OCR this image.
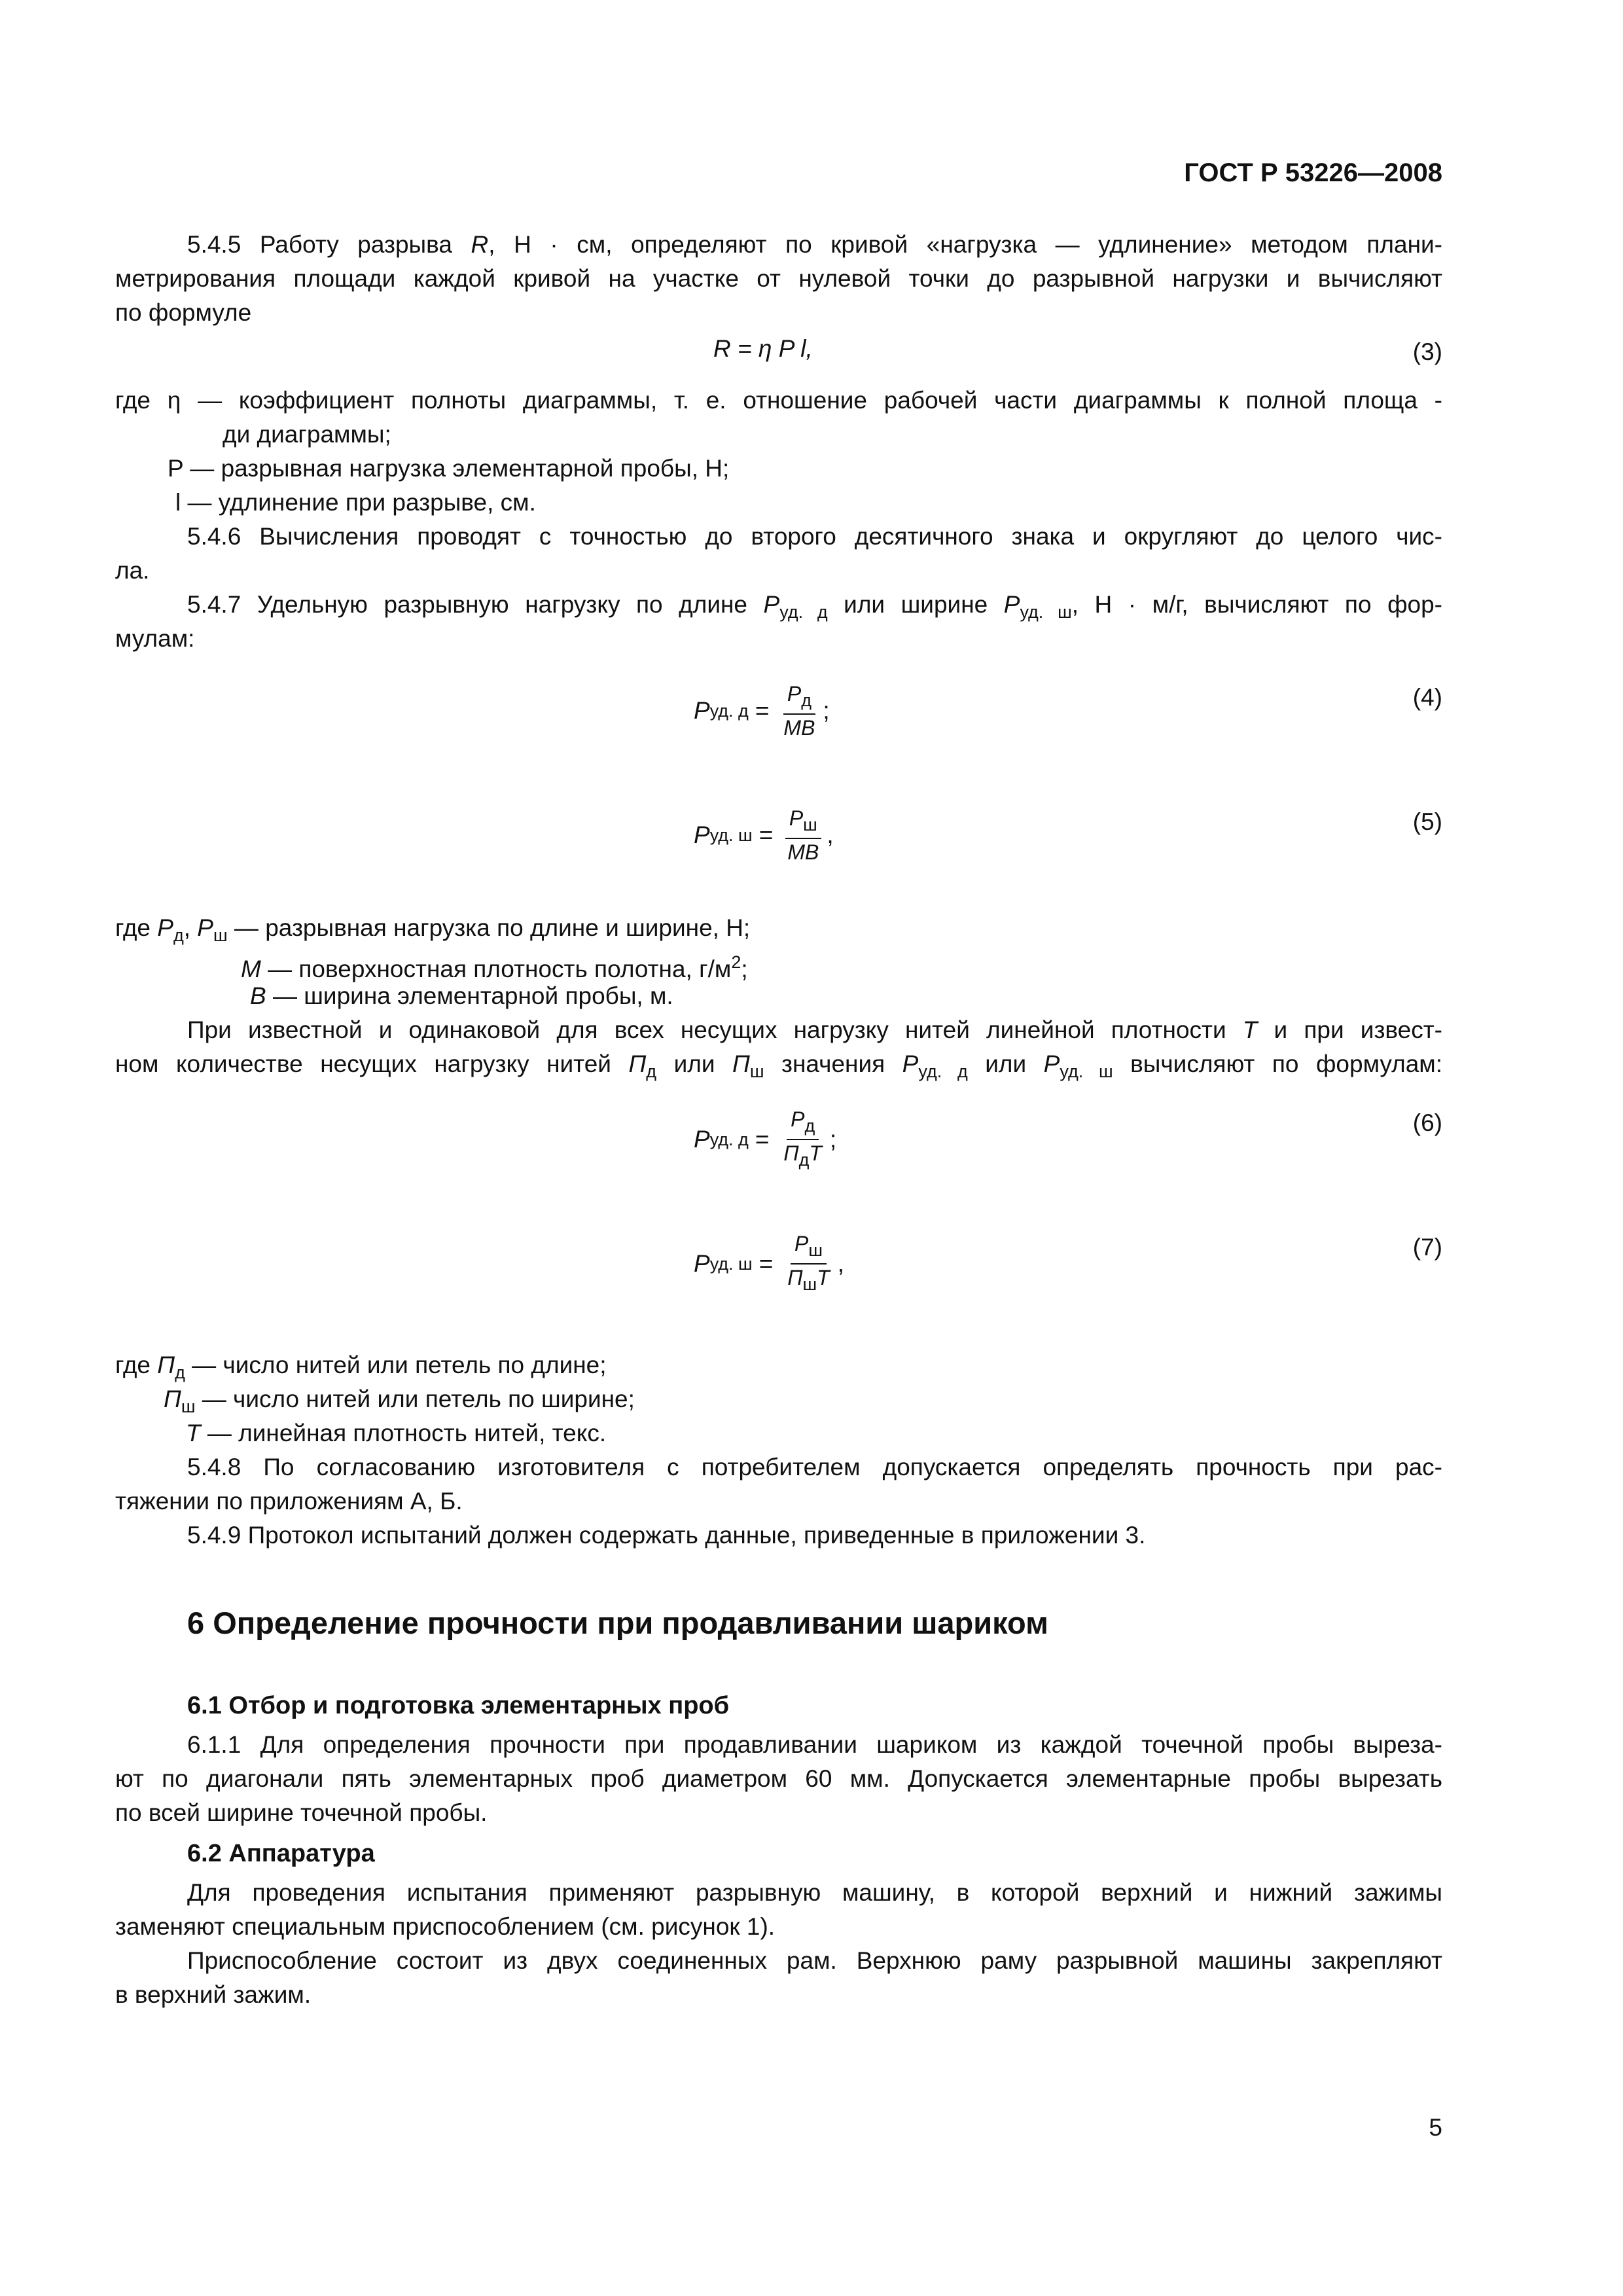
ГОСТ Р 53226—2008
5.4.5 Работу разрыва R, Н · см, определяют по кривой «нагрузка — удлинение» методом плани-
метрирования площади каждой кривой на участке от нулевой точки до разрывной нагрузки и вычисляют
по формуле
R = η P l,	(3)
где η — коэффициент полноты диаграммы, т. е. отношение рабочей части диаграммы к полной площа -
ди диаграммы;
P — разрывная нагрузка элементарной пробы, Н;
l — удлинение при разрыве, см.
5.4.6 Вычисления проводят с точностью до второго десятичного знака и округляют до целого чис-
ла.
5.4.7 Удельную разрывную нагрузку по длине $P_{уд. д}$ или ширине $P_{уд. ш}$, Н · м/г, вычисляют по фор-
мулам:
P уд. $д = \frac{P_д}{MB}$ ;	(4)
P уд. $ш = \frac{P_ш}{MB}$ ,	(5)
где $P_д$, $P_ш$ — разрывная нагрузка по длине и ширине, Н;
M — поверхностная плотность полотна, $г/м^2$;
B — ширина элементарной пробы, м.
При известной и одинаковой для всех несущих нагрузку нитей линейной плотности T и при извест-
ном количестве несущих нагрузку нитей $П_д$ или $П_ш$ значения $P_{уд. д}$ или $P_{уд. ш}$ вычисляют по формулам:
P уд. $д = \frac{P_д}{П_дT}$ ;
(6)
P уд. $ш = \frac{P_ш}{П_шT}$ ,
(7)
где $П_д$ — число нитей или петель по длине;
$П_ш$ — число нитей или петель по ширине;
T — линейная плотность нитей, текс.
5.4.8 По согласованию изготовителя с потребителем допускается определять прочность при рас-
тяжении по приложениям А, Б.
5.4.9 Протокол испытаний должен содержать данные, приведенные в приложении 3.
6 Определение прочности при продавливании шариком
6.1 Отбор и подготовка элементарных проб
6.1.1 Для определения прочности при продавливании шариком из каждой точечной пробы выреза-
ют по диагонали пять элементарных проб диаметром 60 мм. Допускается элементарные пробы вырезать
по всей ширине точечной пробы.
6.2 Аппаратура
Для проведения испытания применяют разрывную машину, в которой верхний и нижний зажимы
заменяют специальным приспособлением (см. рисунок 1).
Приспособление состоит из двух соединенных рам. Верхнюю раму разрывной машины закрепляют
в верхний зажим.
5
